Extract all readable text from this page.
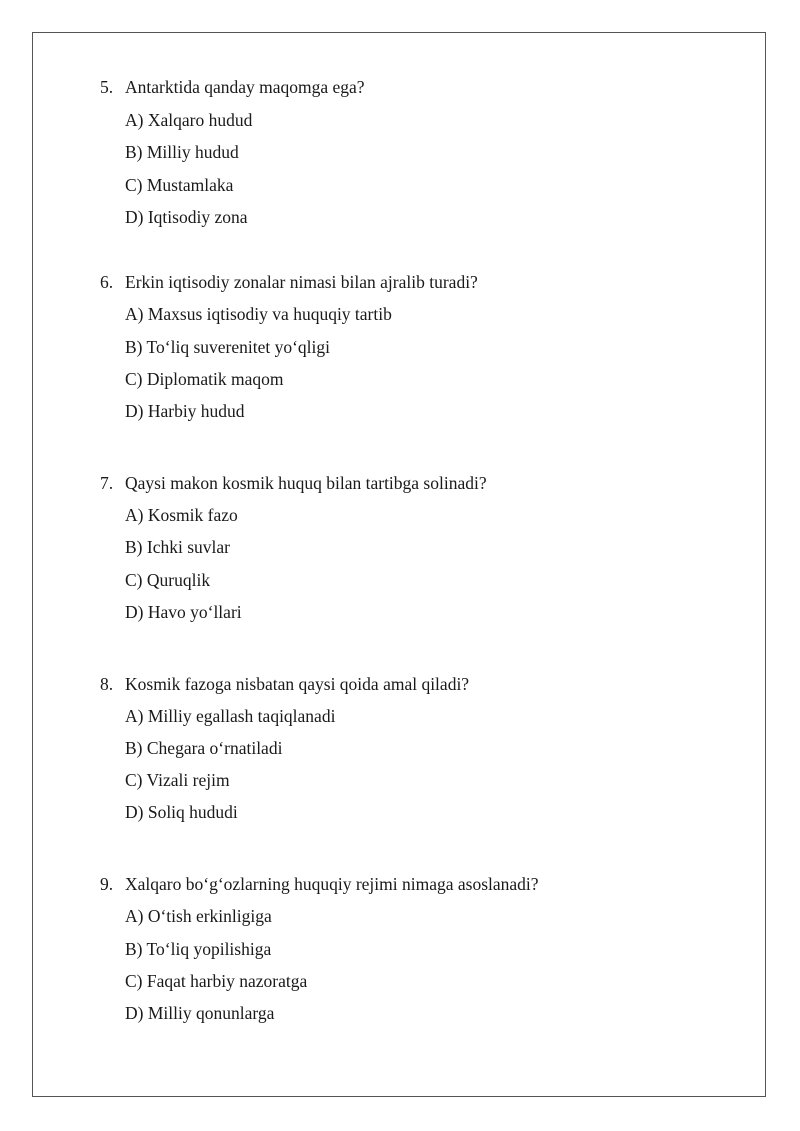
5. Antarktida qanday maqomga ega?
A) Xalqaro hudud
B) Milliy hudud
C) Mustamlaka
D) Iqtisodiy zona
6. Erkin iqtisodiy zonalar nimasi bilan ajralib turadi?
A) Maxsus iqtisodiy va huquqiy tartib
B) To‘liq suverenitet yo‘qligi
C) Diplomatik maqom
D) Harbiy hudud
7. Qaysi makon kosmik huquq bilan tartibga solinadi?
A) Kosmik fazo
B) Ichki suvlar
C) Quruqlik
D) Havo yo‘llari
8. Kosmik fazoga nisbatan qaysi qoida amal qiladi?
A) Milliy egallash taqiqlanadi
B) Chegara o‘rnatiladi
C) Vizali rejim
D) Soliq hududi
9. Xalqaro bo‘g‘ozlarning huquqiy rejimi nimaga asoslanadi?
A) O‘tish erkinligiga
B) To‘liq yopilishiga
C) Faqat harbiy nazoratga
D) Milliy qonunlarga
